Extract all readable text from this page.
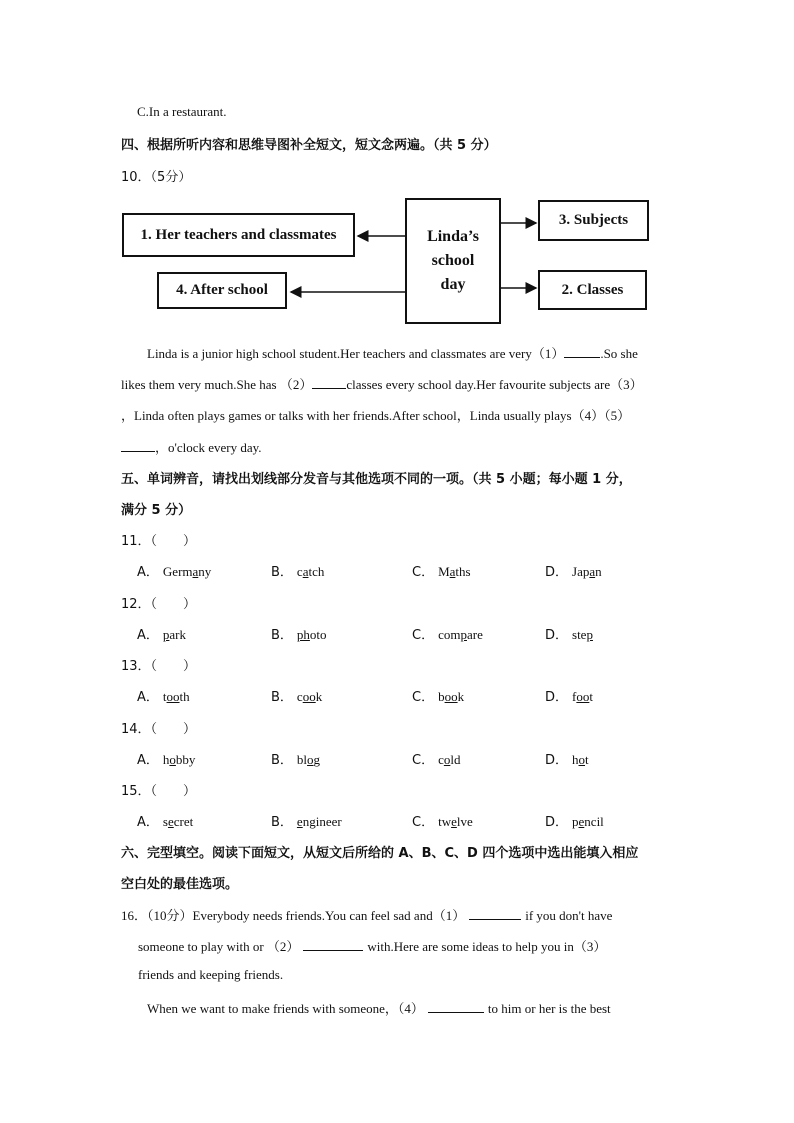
C.In a restaurant.
四、根据所听内容和思维导图补全短文，短文念两遍。（共 5 分）
10．（5分）
1. Her teachers and classmates
4. After school
Linda’s
school
day
3. Subjects
2. Classes
Linda is a junior high school student.Her teachers and classmates are very（1）	.So she
likes them very much.She has （2）	classes every school day.Her favourite subjects are（3）
，Linda often plays games or talks with her friends.After school，Linda usually plays（4）（5）
，o'clock every day.
五、单词辨音，请找出划线部分发音与其他选项不同的一项。（共 5 小题；每小题 1 分，
满分 5 分）
11．（　　）
A． Germany	B． catch	C． Maths	D． Japan
12．（　　）
A． park	B． photo	C． compare	D． step
13．（　　）
A． tooth	B． cook	C． book	D． foot
14．（　　）
A． hobby	B． blog	C． cold	D． hot
15．（　　）
A． secret	B． engineer	C． twelve	D． pencil
六、完型填空。阅读下面短文，从短文后所给的 A、B、C、D 四个选项中选出能填入相应
空白处的最佳选项。
16．（10分）Everybody needs friends.You can feel sad and（1）	if you don't have
someone to play with or （2）	with.Here are some ideas to help you in（3）
friends and keeping friends.
When we want to make friends with someone，（4）	to him or her is the best
